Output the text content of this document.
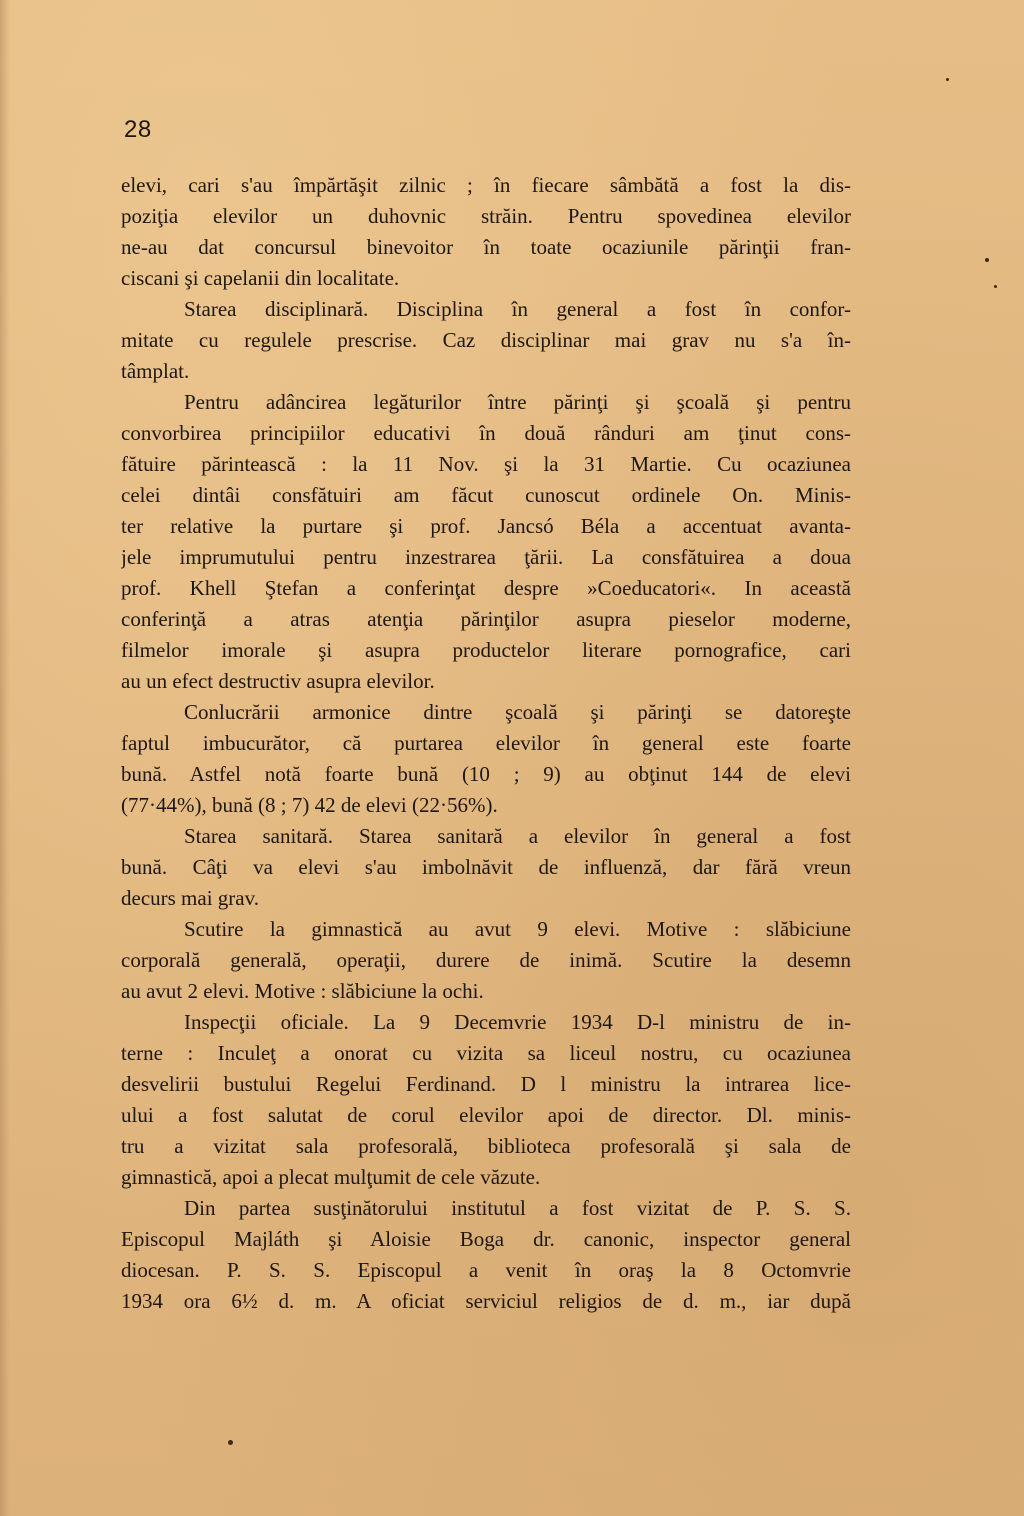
28
elevi, cari s'au împărtăşit zilnic ; în fiecare sâmbătă a fost la dis-
poziţia elevilor un duhovnic străin. Pentru spovedinea elevilor
ne-au dat concursul binevoitor în toate ocaziunile părinţii fran-
ciscani şi capelanii din localitate.
Starea disciplinară. Disciplina în general a fost în confor-
mitate cu regulele prescrise. Caz disciplinar mai grav nu s'a în-
tâmplat.
Pentru adâncirea legăturilor între părinţi şi şcoală şi pentru
convorbirea principiilor educativi în două rânduri am ţinut cons-
fătuire părintească : la 11 Nov. şi la 31 Martie. Cu ocaziunea
celei dintâi consfătuiri am făcut cunoscut ordinele On. Minis-
ter relative la purtare şi prof. Jancsó Béla a accentuat avanta-
jele imprumutului pentru inzestrarea ţării. La consfătuirea a doua
prof. Khell Ştefan a conferinţat despre »Coeducatori«. In această
conferinţă a atras atenţia părinţilor asupra pieselor moderne,
filmelor imorale şi asupra productelor literare pornografice, cari
au un efect destructiv asupra elevilor.
Conlucrării armonice dintre şcoală şi părinţi se datoreşte
faptul imbucurător, că purtarea elevilor în general este foarte
bună. Astfel notă foarte bună (10 ; 9) au obţinut 144 de elevi
(77·44%), bună (8 ; 7) 42 de elevi (22·56%).
Starea sanitară. Starea sanitară a elevilor în general a fost
bună. Câţi va elevi s'au imbolnăvit de influenză, dar fără vreun
decurs mai grav.
Scutire la gimnastică au avut 9 elevi. Motive : slăbiciune
corporală generală, operaţii, durere de inimă. Scutire la desemn
au avut 2 elevi. Motive : slăbiciune la ochi.
Inspecţii oficiale. La 9 Decemvrie 1934 D-l ministru de in-
terne : Inculeţ a onorat cu vizita sa liceul nostru, cu ocaziunea
desvelirii bustului Regelui Ferdinand. D l ministru la intrarea lice-
ului a fost salutat de corul elevilor apoi de director. Dl. minis-
tru a vizitat sala profesorală, biblioteca profesorală şi sala de
gimnastică, apoi a plecat mulţumit de cele văzute.
Din partea susţinătorului institutul a fost vizitat de P. S. S.
Episcopul Majláth şi Aloisie Boga dr. canonic, inspector general
diocesan. P. S. S. Episcopul a venit în oraş la 8 Octomvrie
1934 ora 6½ d. m. A oficiat serviciul religios de d. m., iar după
